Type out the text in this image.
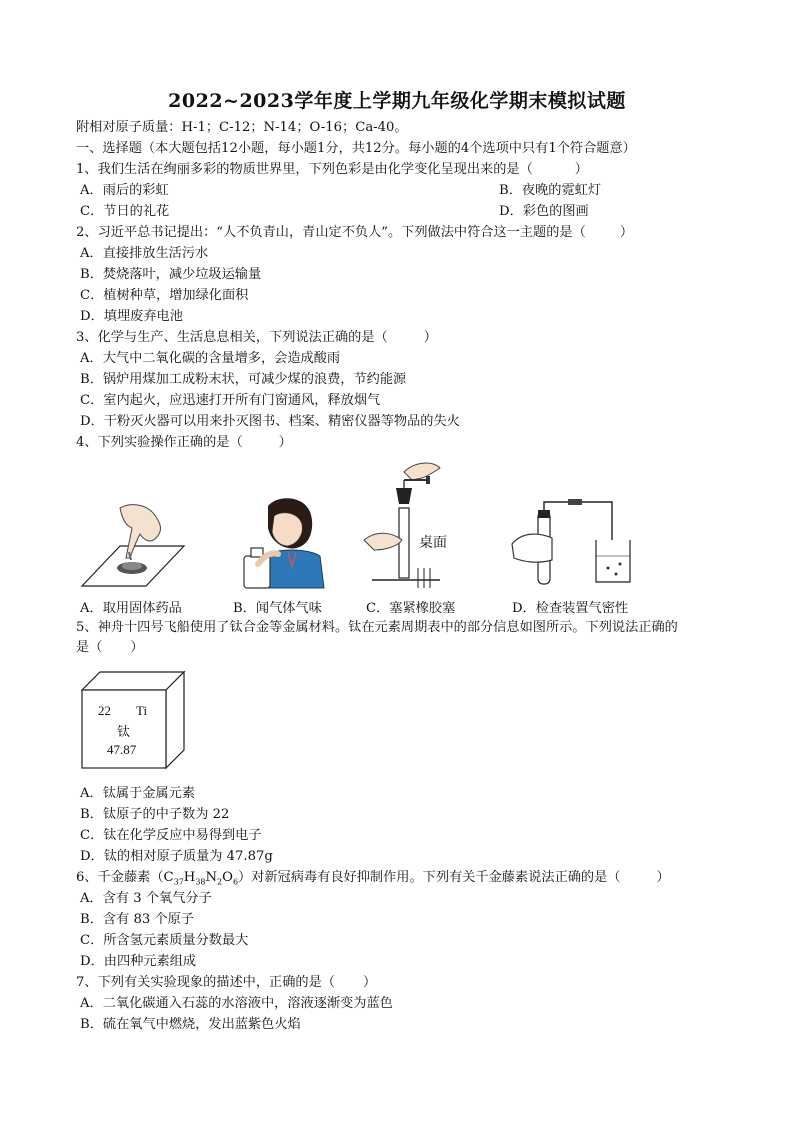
2022~2023学年度上学期九年级化学期末模拟试题
附相对原子质量：H-1；C-12；N-14；O-16；Ca-40。
一、选择题（本大题包括12小题，每小题1分，共12分。每小题的4个选项中只有1个符合题意）
1、我们生活在绚丽多彩的物质世界里，下列色彩是由化学变化呈现出来的是（	）
A．雨后的彩虹	B．夜晚的霓虹灯
C．节日的礼花	D．彩色的图画
2、习近平总书记提出：“人不负青山，青山定不负人”。下列做法中符合这一主题的是（	）
A．直接排放生活污水
B．焚烧落叶，减少垃圾运输量
C．植树种草，增加绿化面积
D．填埋废弃电池
3、化学与生产、生活息息相关，下列说法正确的是（	）
A．大气中二氧化碳的含量增多，会造成酸雨
B．锅炉用煤加工成粉末状，可减少煤的浪费，节约能源
C．室内起火，应迅速打开所有门窗通风，释放烟气
D．干粉灭火器可以用来扑灭图书、档案、精密仪器等物品的失火
4、下列实验操作正确的是（	）
桌面
A．取用固体药品	B．闻气体气味	C．塞紧橡胶塞	D．检查装置气密性
5、神舟十四号飞船使用了钛合金等金属材料。钛在元素周期表中的部分信息如图所示。下列说法正确的
是（ ）
22 Ti
钛
47.87
A．钛属于金属元素
B．钛原子的中子数为 22
C．钛在化学反应中易得到电子
D．钛的相对原子质量为 47.87g
6、千金藤素$(C_{37}H_{38}N_2O_6)$对新冠病毒有良好抑制作用。下列有关千金藤素说法正确的是（	）
A．含有 3 个氧气分子
B．含有 83 个原子
C．所含氢元素质量分数最大
D．由四种元素组成
7、下列有关实验现象的描述中，正确的是（ ）
A．二氧化碳通入石蕊的水溶液中，溶液逐渐变为蓝色
B．硫在氧气中燃烧，发出蓝紫色火焰
